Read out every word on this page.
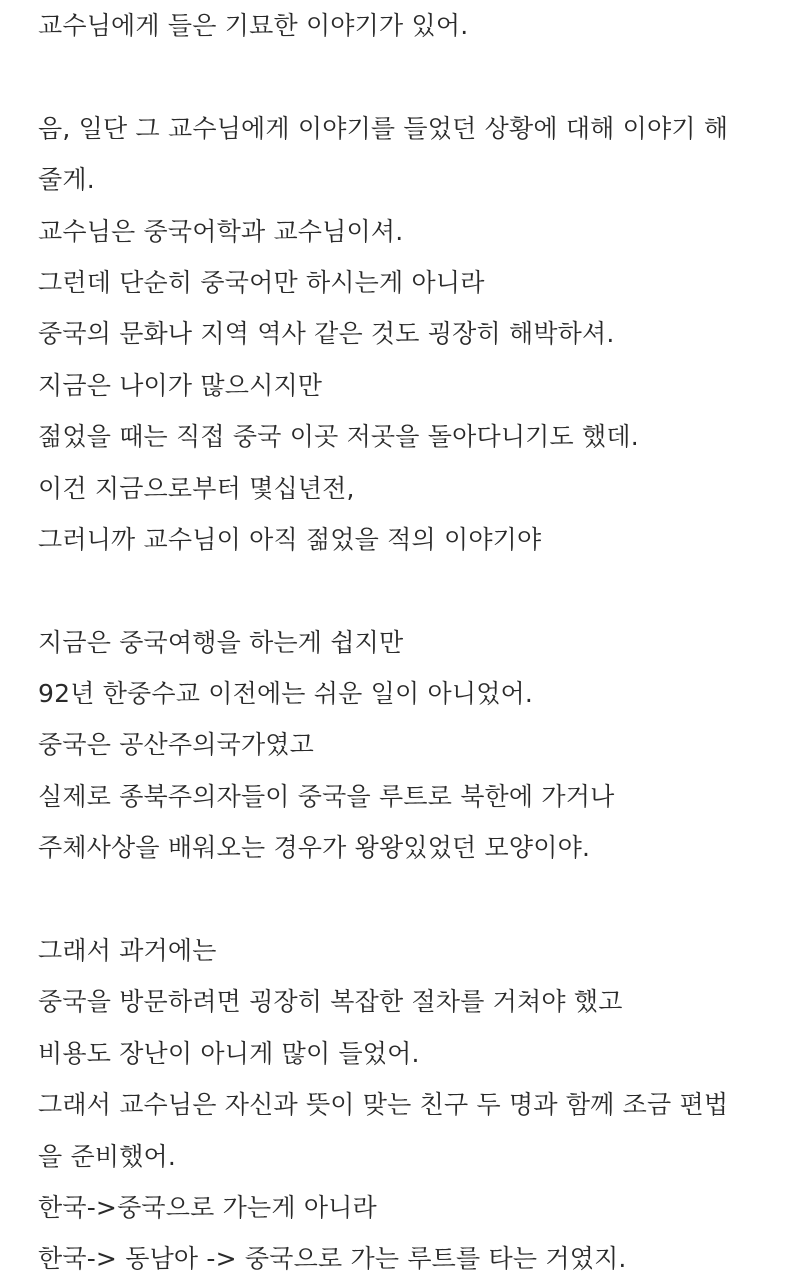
교수님에게 들은 기묘한 이야기가 있어.
음, 일단 그 교수님에게 이야기를 들었던 상황에 대해 이야기 해
줄게.
교수님은 중국어학과 교수님이셔.
그런데 단순히 중국어만 하시는게 아니라
중국의 문화나 지역 역사 같은 것도 굉장히 해박하셔.
지금은 나이가 많으시지만
젊었을 때는 직접 중국 이곳 저곳을 돌아다니기도 했데.
이건 지금으로부터 몇십년전,
그러니까 교수님이 아직 젊었을 적의 이야기야
지금은 중국여행을 하는게 쉽지만
92년 한중수교 이전에는 쉬운 일이 아니었어.
중국은 공산주의국가였고
실제로 종북주의자들이 중국을 루트로 북한에 가거나
주체사상을 배워오는 경우가 왕왕있었던 모양이야.
그래서 과거에는
중국을 방문하려면 굉장히 복잡한 절차를 거쳐야 했고
비용도 장난이 아니게 많이 들었어.
그래서 교수님은 자신과 뜻이 맞는 친구 두 명과 함께 조금 편법
을 준비했어.
한국->중국으로 가는게 아니라
한국-> 동남아 -> 중국으로 가는 루트를 타는 거였지.
